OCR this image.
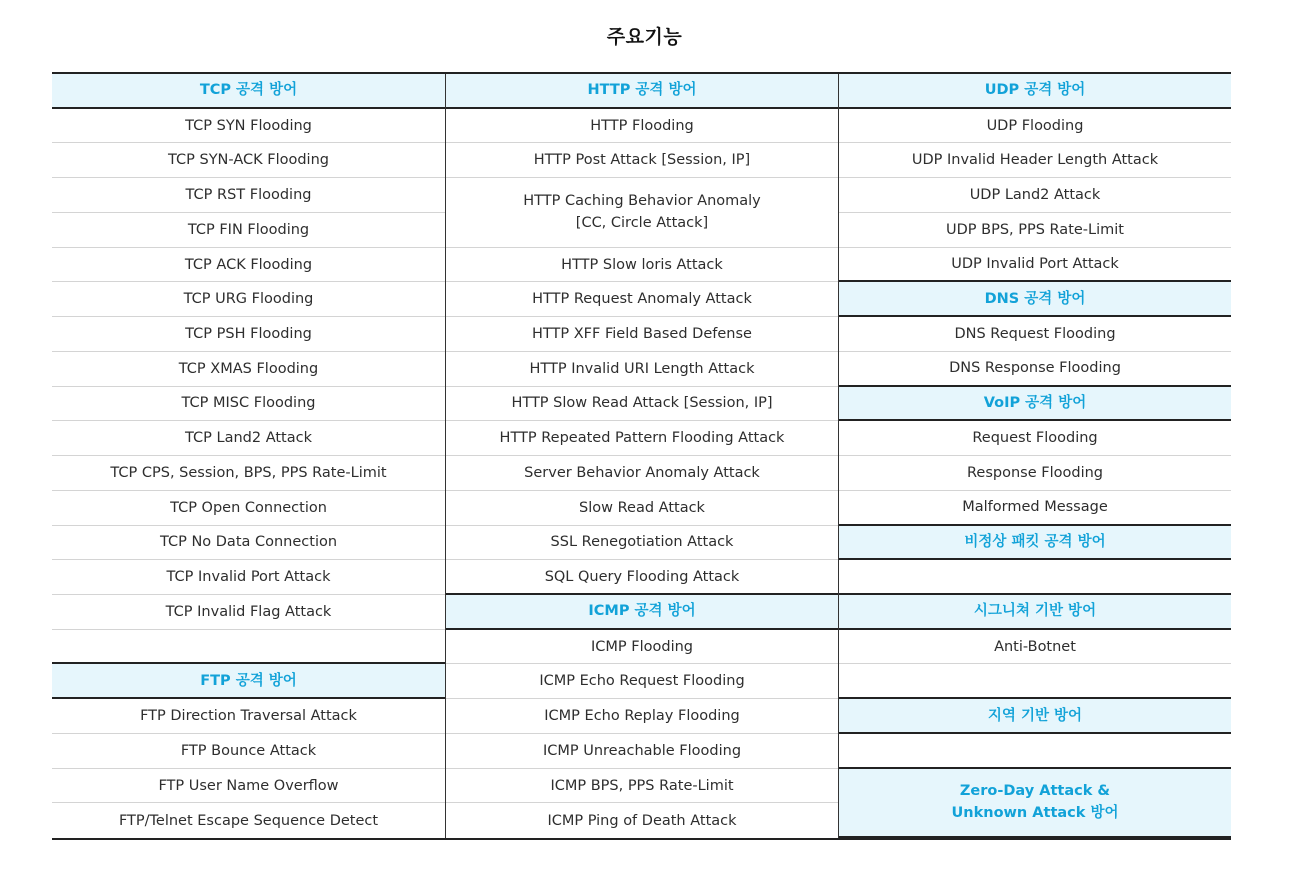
주요기능
TCP 공격 방어
TCP SYN Flooding
TCP SYN-ACK Flooding
TCP RST Flooding
TCP FIN Flooding
TCP ACK Flooding
TCP URG Flooding
TCP PSH Flooding
TCP XMAS Flooding
TCP MISC Flooding
TCP Land2 Attack
TCP CPS, Session, BPS, PPS Rate-Limit
TCP Open Connection
TCP No Data Connection
TCP Invalid Port Attack
TCP Invalid Flag Attack
FTP 공격 방어
FTP Direction Traversal Attack
FTP Bounce Attack
FTP User Name Overflow
FTP/Telnet Escape Sequence Detect
HTTP 공격 방어
HTTP Flooding
HTTP Post Attack [Session, IP]
HTTP Caching Behavior Anomaly
[CC, Circle Attack]
HTTP Slow loris Attack
HTTP Request Anomaly Attack
HTTP XFF Field Based Defense
HTTP Invalid URI Length Attack
HTTP Slow Read Attack [Session, IP]
HTTP Repeated Pattern Flooding Attack
Server Behavior Anomaly Attack
Slow Read Attack
SSL Renegotiation Attack
SQL Query Flooding Attack
ICMP 공격 방어
ICMP Flooding
ICMP Echo Request Flooding
ICMP Echo Replay Flooding
ICMP Unreachable Flooding
ICMP BPS, PPS Rate-Limit
ICMP Ping of Death Attack
UDP 공격 방어
UDP Flooding
UDP Invalid Header Length Attack
UDP Land2 Attack
UDP BPS, PPS Rate-Limit
UDP Invalid Port Attack
DNS 공격 방어
DNS Request Flooding
DNS Response Flooding
VoIP 공격 방어
Request Flooding
Response Flooding
Malformed Message
비정상 패킷 공격 방어
시그니쳐 기반 방어
Anti-Botnet
지역 기반 방어
Zero-Day Attack &
Unknown Attack 방어
